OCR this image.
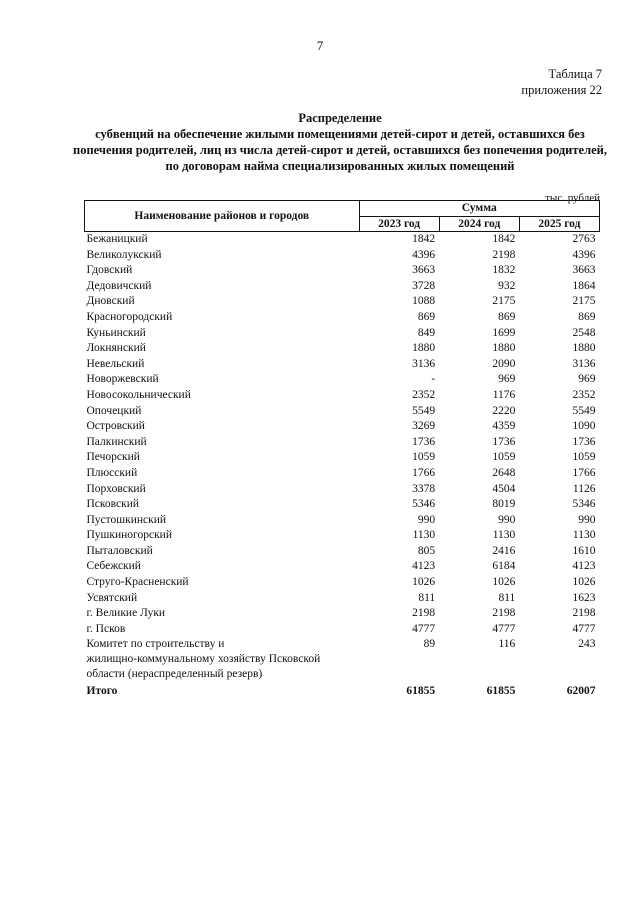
7
Таблица 7
приложения 22
Распределение
субвенций на обеспечение жилыми помещениями детей-сирот и детей, оставшихся без попечения родителей, лиц из числа детей-сирот и детей, оставшихся без попечения родителей, по договорам найма специализированных жилых помещений
тыс. рублей
Наименование районов и городов	Сумма		
	2023 год	2024 год	2025 год
Бежаницкий	1842	1842	2763
Великолукский	4396	2198	4396
Гдовский	3663	1832	3663
Дедовичский	3728	932	1864
Дновский	1088	2175	2175
Красногородский	869	869	869
Куньинский	849	1699	2548
Локнянский	1880	1880	1880
Невельский	3136	2090	3136
Новоржевский	-	969	969
Новосокольнический	2352	1176	2352
Опочецкий	5549	2220	5549
Островский	3269	4359	1090
Палкинский	1736	1736	1736
Печорский	1059	1059	1059
Плюсский	1766	2648	1766
Порховский	3378	4504	1126
Псковский	5346	8019	5346
Пустошкинский	990	990	990
Пушкиногорский	1130	1130	1130
Пыталовский	805	2416	1610
Себежский	4123	6184	4123
Струго-Красненский	1026	1026	1026
Усвятский	811	811	1623
г. Великие Луки	2198	2198	2198
г. Псков	4777	4777	4777

Комитет по строительству и
жилищно-коммунальному хозяйству Псковской
области (нераспределенный резерв)	89	116	243
Итого	61855	61855	62007
